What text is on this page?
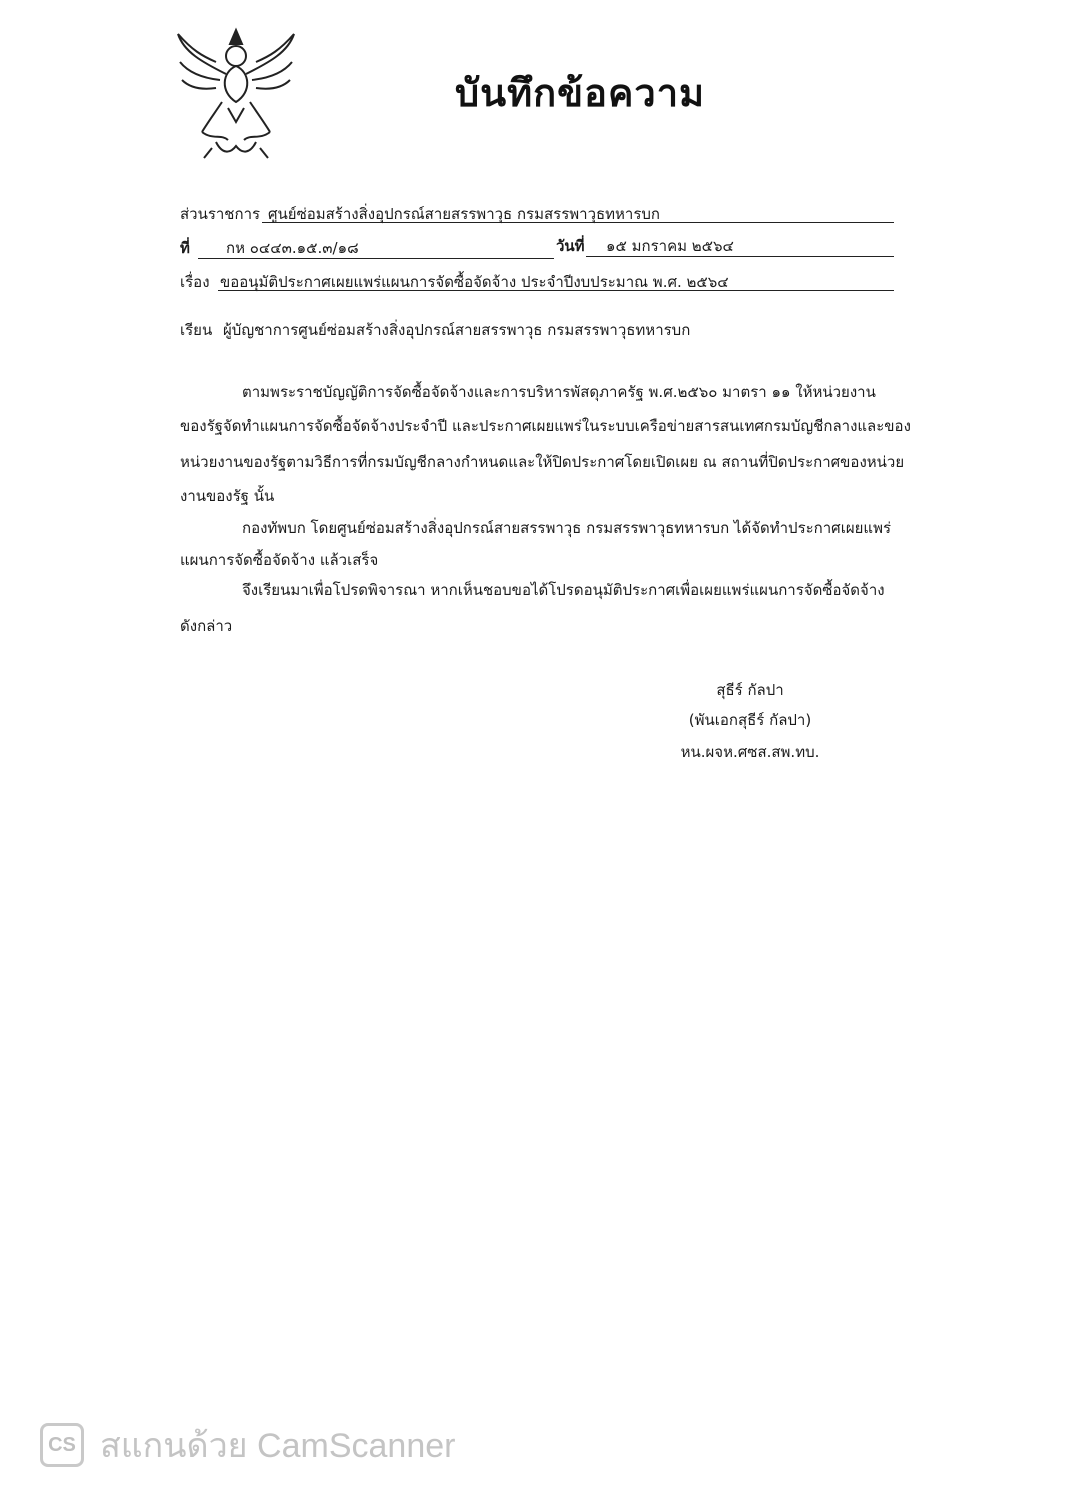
บันทึกข้อความ
ส่วนราชการ ศูนย์ซ่อมสร้างสิ่งอุปกรณ์สายสรรพาวุธ กรมสรรพาวุธทหารบก
ที่ กห ๐๔๔๓.๑๕.๓/๑๘	วันที่ ๑๕ มกราคม ๒๕๖๔
เรื่อง ขออนุมัติประกาศเผยแพร่แผนการจัดซื้อจัดจ้าง ประจำปีงบประมาณ พ.ศ. ๒๕๖๔
เรียน ผู้บัญชาการศูนย์ซ่อมสร้างสิ่งอุปกรณ์สายสรรพาวุธ กรมสรรพาวุธทหารบก
ตามพระราชบัญญัติการจัดซื้อจัดจ้างและการบริหารพัสดุภาครัฐ พ.ศ.๒๕๖๐ มาตรา ๑๑ ให้หน่วยงาน
ของรัฐจัดทำแผนการจัดซื้อจัดจ้างประจำปี และประกาศเผยแพร่ในระบบเครือข่ายสารสนเทศกรมบัญชีกลางและของ
หน่วยงานของรัฐตามวิธีการที่กรมบัญชีกลางกำหนดและให้ปิดประกาศโดยเปิดเผย ณ สถานที่ปิดประกาศของหน่วย
งานของรัฐ นั้น
กองทัพบก โดยศูนย์ซ่อมสร้างสิ่งอุปกรณ์สายสรรพาวุธ กรมสรรพาวุธทหารบก ได้จัดทำประกาศเผยแพร่
แผนการจัดซื้อจัดจ้าง แล้วเสร็จ
จึงเรียนมาเพื่อโปรดพิจารณา หากเห็นชอบขอได้โปรดอนุมัติประกาศเพื่อเผยแพร่แผนการจัดซื้อจัดจ้าง
ดังกล่าว
สุธีร์ กัลปา
(พันเอกสุธีร์ กัลปา)
หน.ผจห.ศซส.สพ.ทบ.
CS สแกนด้วย CamScanner
